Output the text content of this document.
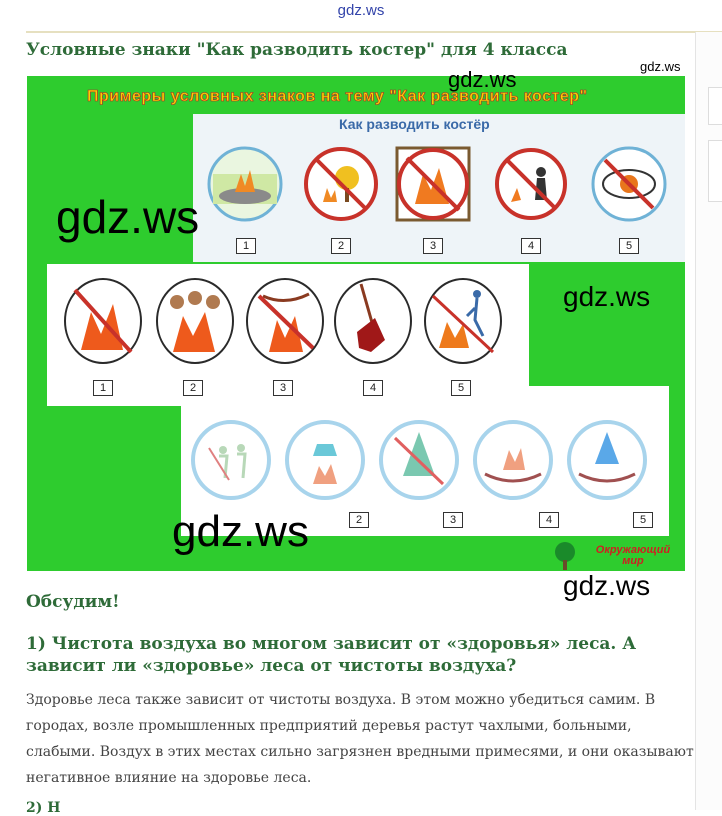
gdz.ws
Условные знаки "Как разводить костер" для 4 класса
Примеры условных знаков на тему "Как разводить костер"
Как разводить костёр
1	2	3	4	5
1	2	3	4	5
2	3	4	5
Окружающий
мир
gdz.ws
gdz.ws
gdz.ws
gdz.ws
gdz.ws
gdz.ws
Обсудим!
1) Чистота воздуха во многом зависит от «здоровья» леса. А зависит ли «здоровье» леса от чистоты воздуха?

Здоровье леса также зависит от чистоты воздуха. В этом можно убедиться самим. В городах, возле промышленных предприятий деревья растут чахлыми, больными, слабыми. Воздух в этих местах сильно загрязнен вредными примесями, и они оказывают негативное влияние на здоровье леса.

2) Н
